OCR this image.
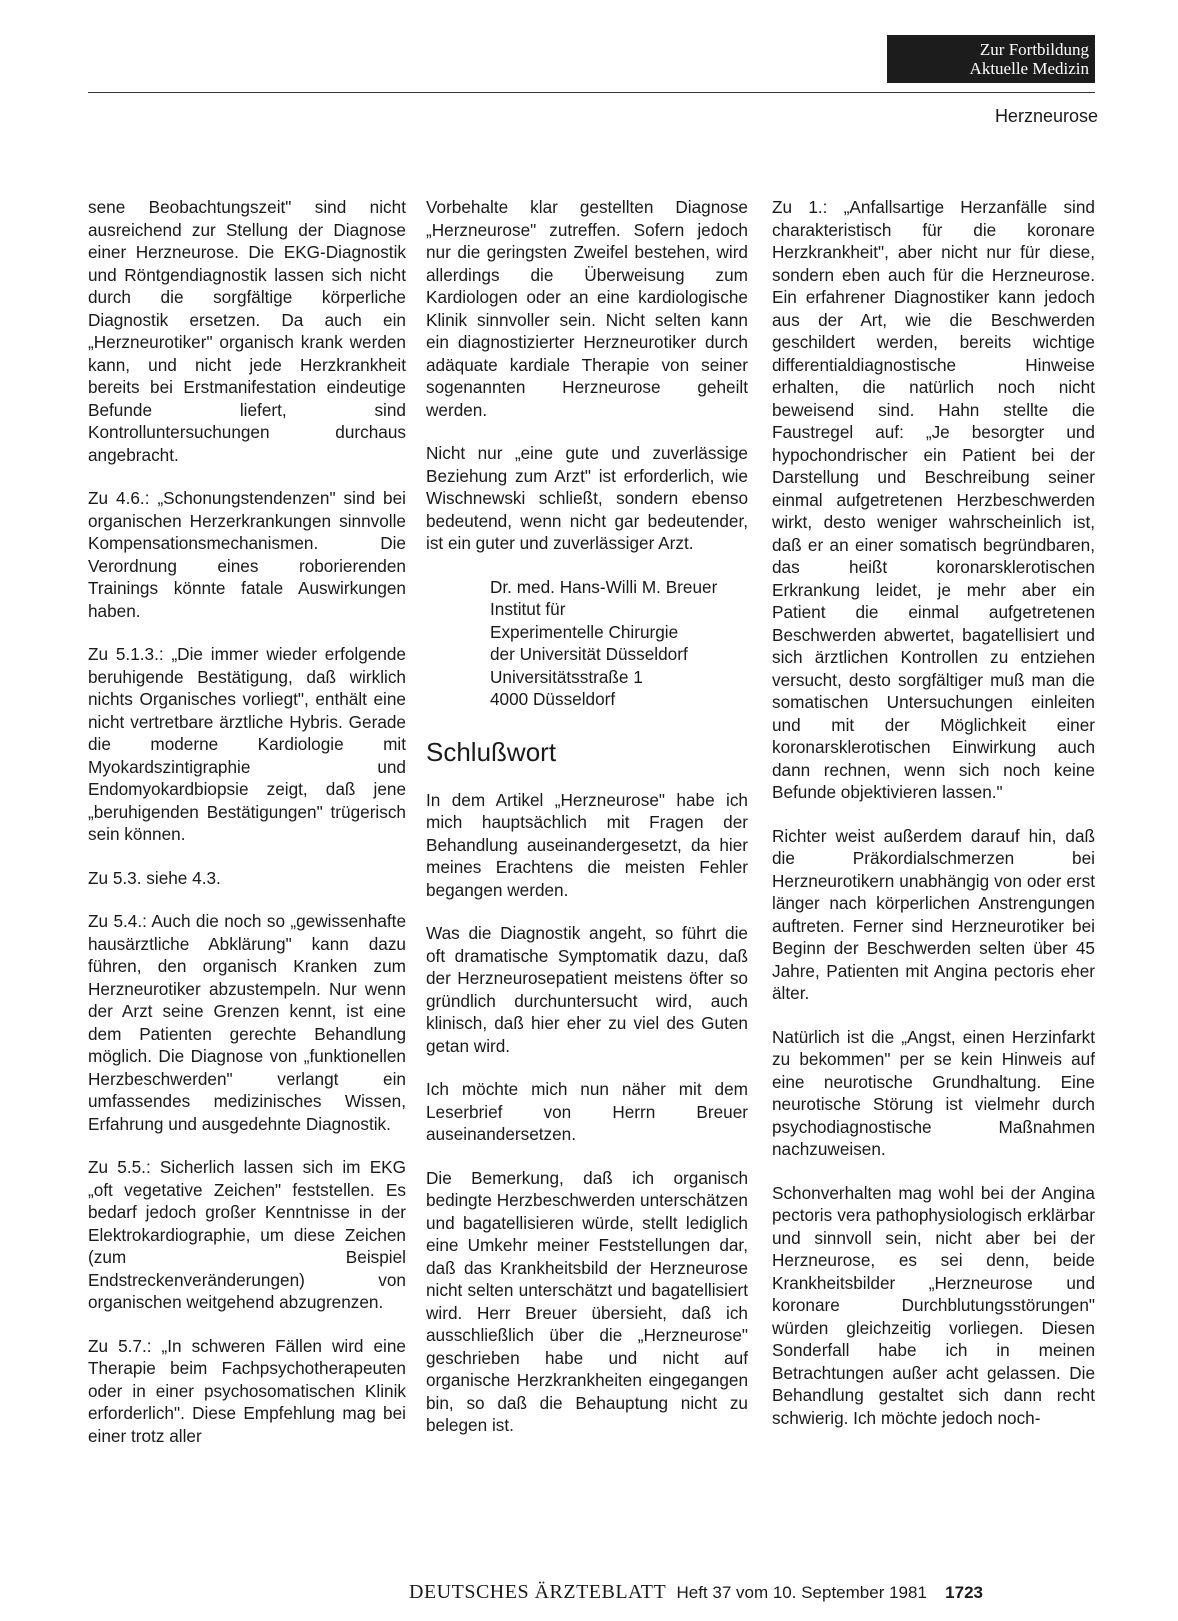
Zur Fortbildung
Aktuelle Medizin
Herzneurose

sene Beobachtungszeit" sind nicht ausreichend zur Stellung der Diagnose einer Herzneurose. Die EKG-Diagnostik und Röntgendiagnostik lassen sich nicht durch die sorgfältige körperliche Diagnostik ersetzen. Da auch ein „Herzneurotiker" organisch krank werden kann, und nicht jede Herzkrankheit bereits bei Erstmanifestation eindeutige Befunde liefert, sind Kontrolluntersuchungen durchaus angebracht.

Zu 4.6.: „Schonungstendenzen" sind bei organischen Herzerkrankungen sinnvolle Kompensationsmechanismen. Die Verordnung eines roborierenden Trainings könnte fatale Auswirkungen haben.

Zu 5.1.3.: „Die immer wieder erfolgende beruhigende Bestätigung, daß wirklich nichts Organisches vorliegt", enthält eine nicht vertretbare ärztliche Hybris. Gerade die moderne Kardiologie mit Myokardszintigraphie und Endomyokardbiopsie zeigt, daß jene „beruhigenden Bestätigungen" trügerisch sein können.

Zu 5.3. siehe 4.3.

Zu 5.4.: Auch die noch so „gewissenhafte hausärztliche Abklärung" kann dazu führen, den organisch Kranken zum Herzneurotiker abzustempeln. Nur wenn der Arzt seine Grenzen kennt, ist eine dem Patienten gerechte Behandlung möglich. Die Diagnose von „funktionellen Herzbeschwerden" verlangt ein umfassendes medizinisches Wissen, Erfahrung und ausgedehnte Diagnostik.

Zu 5.5.: Sicherlich lassen sich im EKG „oft vegetative Zeichen" feststellen. Es bedarf jedoch großer Kenntnisse in der Elektrokardiographie, um diese Zeichen (zum Beispiel Endstreckenveränderungen) von organischen weitgehend abzugrenzen.

Zu 5.7.: „In schweren Fällen wird eine Therapie beim Fachpsychotherapeuten oder in einer psychosomatischen Klinik erforderlich". Diese Empfehlung mag bei einer trotz aller

Vorbehalte klar gestellten Diagnose „Herzneurose" zutreffen. Sofern jedoch nur die geringsten Zweifel bestehen, wird allerdings die Überweisung zum Kardiologen oder an eine kardiologische Klinik sinnvoller sein. Nicht selten kann ein diagnostizierter Herzneurotiker durch adäquate kardiale Therapie von seiner sogenannten Herzneurose geheilt werden.

Nicht nur „eine gute und zuverlässige Beziehung zum Arzt" ist erforderlich, wie Wischnewski schließt, sondern ebenso bedeutend, wenn nicht gar bedeutender, ist ein guter und zuverlässiger Arzt.

Dr. med. Hans-Willi M. Breuer
Institut für
Experimentelle Chirurgie
der Universität Düsseldorf
Universitätsstraße 1
4000 Düsseldorf
Schlußwort

In dem Artikel „Herzneurose" habe ich mich hauptsächlich mit Fragen der Behandlung auseinandergesetzt, da hier meines Erachtens die meisten Fehler begangen werden.

Was die Diagnostik angeht, so führt die oft dramatische Symptomatik dazu, daß der Herzneurosepatient meistens öfter so gründlich durchuntersucht wird, auch klinisch, daß hier eher zu viel des Guten getan wird.

Ich möchte mich nun näher mit dem Leserbrief von Herrn Breuer auseinandersetzen.

Die Bemerkung, daß ich organisch bedingte Herzbeschwerden unterschätzen und bagatellisieren würde, stellt lediglich eine Umkehr meiner Feststellungen dar, daß das Krankheitsbild der Herzneurose nicht selten unterschätzt und bagatellisiert wird. Herr Breuer übersieht, daß ich ausschließlich über die „Herzneurose" geschrieben habe und nicht auf organische Herzkrankheiten eingegangen bin, so daß die Behauptung nicht zu belegen ist.

Zu 1.: „Anfallsartige Herzanfälle sind charakteristisch für die koronare Herzkrankheit", aber nicht nur für diese, sondern eben auch für die Herzneurose. Ein erfahrener Diagnostiker kann jedoch aus der Art, wie die Beschwerden geschildert werden, bereits wichtige differentialdiagnostische Hinweise erhalten, die natürlich noch nicht beweisend sind. Hahn stellte die Faustregel auf: „Je besorgter und hypochondrischer ein Patient bei der Darstellung und Beschreibung seiner einmal aufgetretenen Herzbeschwerden wirkt, desto weniger wahrscheinlich ist, daß er an einer somatisch begründbaren, das heißt koronarsklerotischen Erkrankung leidet, je mehr aber ein Patient die einmal aufgetretenen Beschwerden abwertet, bagatellisiert und sich ärztlichen Kontrollen zu entziehen versucht, desto sorgfältiger muß man die somatischen Untersuchungen einleiten und mit der Möglichkeit einer koronarsklerotischen Einwirkung auch dann rechnen, wenn sich noch keine Befunde objektivieren lassen."

Richter weist außerdem darauf hin, daß die Präkordialschmerzen bei Herzneurotikern unabhängig von oder erst länger nach körperlichen Anstrengungen auftreten. Ferner sind Herzneurotiker bei Beginn der Beschwerden selten über 45 Jahre, Patienten mit Angina pectoris eher älter.

Natürlich ist die „Angst, einen Herzinfarkt zu bekommen" per se kein Hinweis auf eine neurotische Grundhaltung. Eine neurotische Störung ist vielmehr durch psychodiagnostische Maßnahmen nachzuweisen.

Schonverhalten mag wohl bei der Angina pectoris vera pathophysiologisch erklärbar und sinnvoll sein, nicht aber bei der Herzneurose, es sei denn, beide Krankheitsbilder „Herzneurose und koronare Durchblutungsstörungen" würden gleichzeitig vorliegen. Diesen Sonderfall habe ich in meinen Betrachtungen außer acht gelassen. Die Behandlung gestaltet sich dann recht schwierig. Ich möchte jedoch noch-

DEUTSCHES ÄRZTEBLATT Heft 37 vom 10. September 1981 1723
